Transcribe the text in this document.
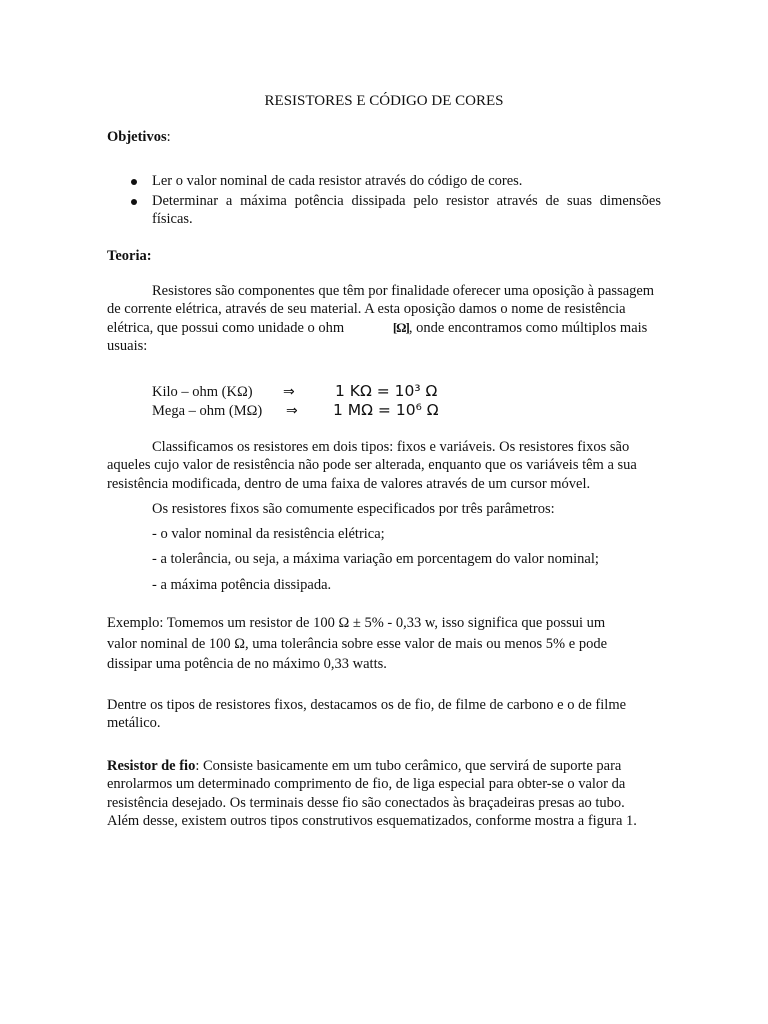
RESISTORES E CÓDIGO DE CORES
Objetivos:
Ler o valor nominal de cada resistor através do código de cores.
Determinar a máxima potência dissipada pelo resistor através de suas dimensões físicas.
Teoria:
Resistores são componentes que têm por finalidade oferecer uma oposição à passagem de corrente elétrica, através de seu material. A esta oposição damos o nome de resistência elétrica, que possui como unidade o ohm	[Ω], onde encontramos como múltiplos mais usuais:
Kilo – ohm (KΩ) ⇒	1 KΩ = 10³ Ω
Mega – ohm (MΩ) ⇒ 1 MΩ = 10⁶ Ω
Classificamos os resistores em dois tipos: fixos e variáveis. Os resistores fixos são aqueles cujo valor de resistência não pode ser alterada, enquanto que os variáveis têm a sua resistência modificada, dentro de uma faixa de valores através de um cursor móvel.
Os resistores fixos são comumente especificados por três parâmetros:
- o valor nominal da resistência elétrica;
- a tolerância, ou seja, a máxima variação em porcentagem do valor nominal;
- a máxima potência dissipada.
Exemplo: Tomemos um resistor de 100 Ω ± 5% - 0,33 w, isso significa que possui um valor nominal de 100 Ω, uma tolerância sobre esse valor de mais ou menos 5% e pode dissipar uma potência de no máximo 0,33 watts.
Dentre os tipos de resistores fixos, destacamos os de fio, de filme de carbono e o de filme metálico.
Resistor de fio: Consiste basicamente em um tubo cerâmico, que servirá de suporte para enrolarmos um determinado comprimento de fio, de liga especial para obter-se o valor da resistência desejado. Os terminais desse fio são conectados às braçadeiras presas ao tubo. Além desse, existem outros tipos construtivos esquematizados, conforme mostra a figura 1.
